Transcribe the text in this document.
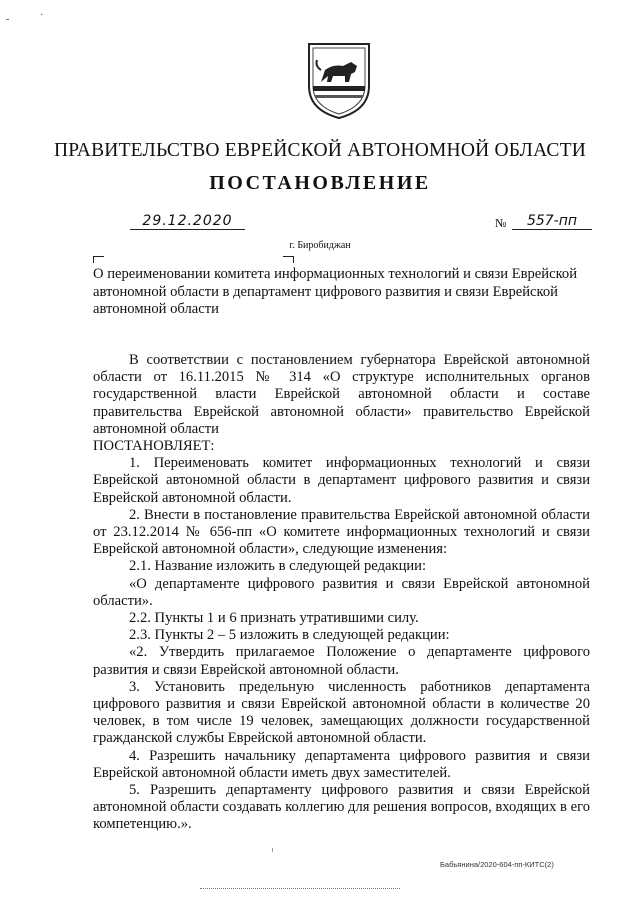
-	·
ПРАВИТЕЛЬСТВО ЕВРЕЙСКОЙ АВТОНОМНОЙ ОБЛАСТИ
ПОСТАНОВЛЕНИЕ
29.12.2020	№	557-пп
г. Биробиджан
О переименовании комитета информационных технологий и связи Еврейской автономной области в департамент цифрового развития и связи Еврейской автономной области

В соответствии с постановлением губернатора Еврейской автономной области от 16.11.2015 № 314 «О структуре исполнительных органов государственной власти Еврейской автономной области и составе правительства Еврейской автономной области» правительство Еврейской автономной области

ПОСТАНОВЛЯЕТ:

1. Переименовать комитет информационных технологий и связи Еврейской автономной области в департамент цифрового развития и связи Еврейской автономной области.

2. Внести в постановление правительства Еврейской автономной области от 23.12.2014 № 656-пп «О комитете информационных технологий и связи Еврейской автономной области», следующие изменения:

2.1. Название изложить в следующей редакции:

«О департаменте цифрового развития и связи Еврейской автономной области».

2.2. Пункты 1 и 6 признать утратившими силу.

2.3. Пункты 2 – 5 изложить в следующей редакции:

«2. Утвердить прилагаемое Положение о департаменте цифрового развития и связи Еврейской автономной области.

3. Установить предельную численность работников департамента цифрового развития и связи Еврейской автономной области в количестве 20 человек, в том числе 19 человек, замещающих должности государственной гражданской службы Еврейской автономной области.

4. Разрешить начальнику департамента цифрового развития и связи Еврейской автономной области иметь двух заместителей.

5. Разрешить департаменту цифрового развития и связи Еврейской автономной области создавать коллегию для решения вопросов, входящих в его компетенцию.».

Бабьянина/2020-604-пп-КИТС(2)
